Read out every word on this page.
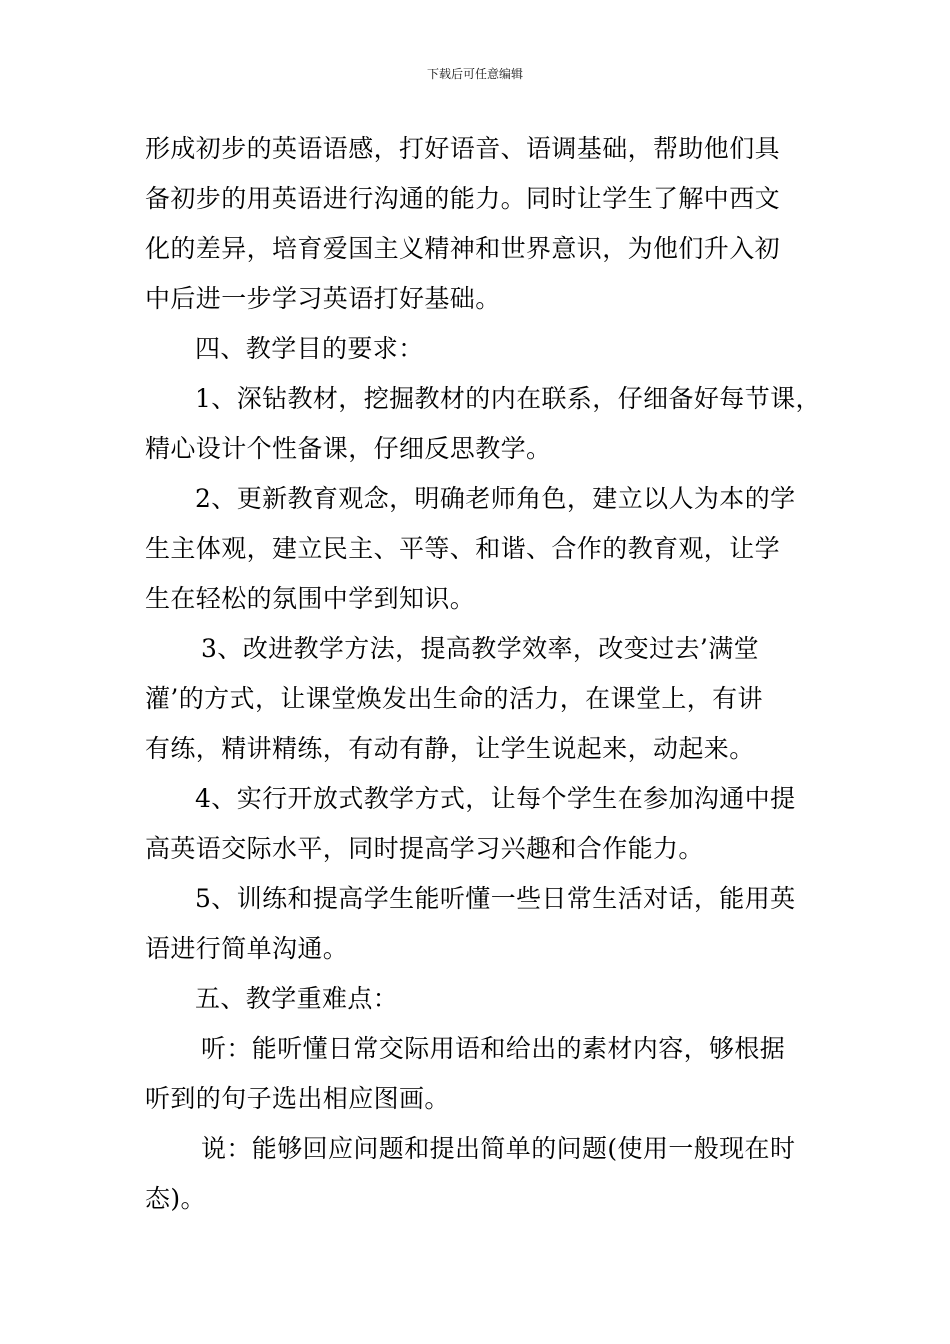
下载后可任意编辑
形成初步的英语语感，打好语音、语调基础，帮助他们具
备初步的用英语进行沟通的能力。同时让学生了解中西文
化的差异，培育爱国主义精神和世界意识，为他们升入初
中后进一步学习英语打好基础。
四、教学目的要求：
1、深钻教材，挖掘教材的内在联系，仔细备好每节课，
精心设计个性备课，仔细反思教学。
2、更新教育观念，明确老师角色，建立以人为本的学
生主体观，建立民主、平等、和谐、合作的教育观，让学
生在轻松的氛围中学到知识。
3、改进教学方法，提高教学效率，改变过去’满堂
灌’的方式，让课堂焕发出生命的活力，在课堂上，有讲
有练，精讲精练，有动有静，让学生说起来，动起来。
4、实行开放式教学方式，让每个学生在参加沟通中提
高英语交际水平，同时提高学习兴趣和合作能力。
5、训练和提高学生能听懂一些日常生活对话，能用英
语进行简单沟通。
五、教学重难点：
听：能听懂日常交际用语和给出的素材内容，够根据
听到的句子选出相应图画。
说：能够回应问题和提出简单的问题(使用一般现在时
态)。
